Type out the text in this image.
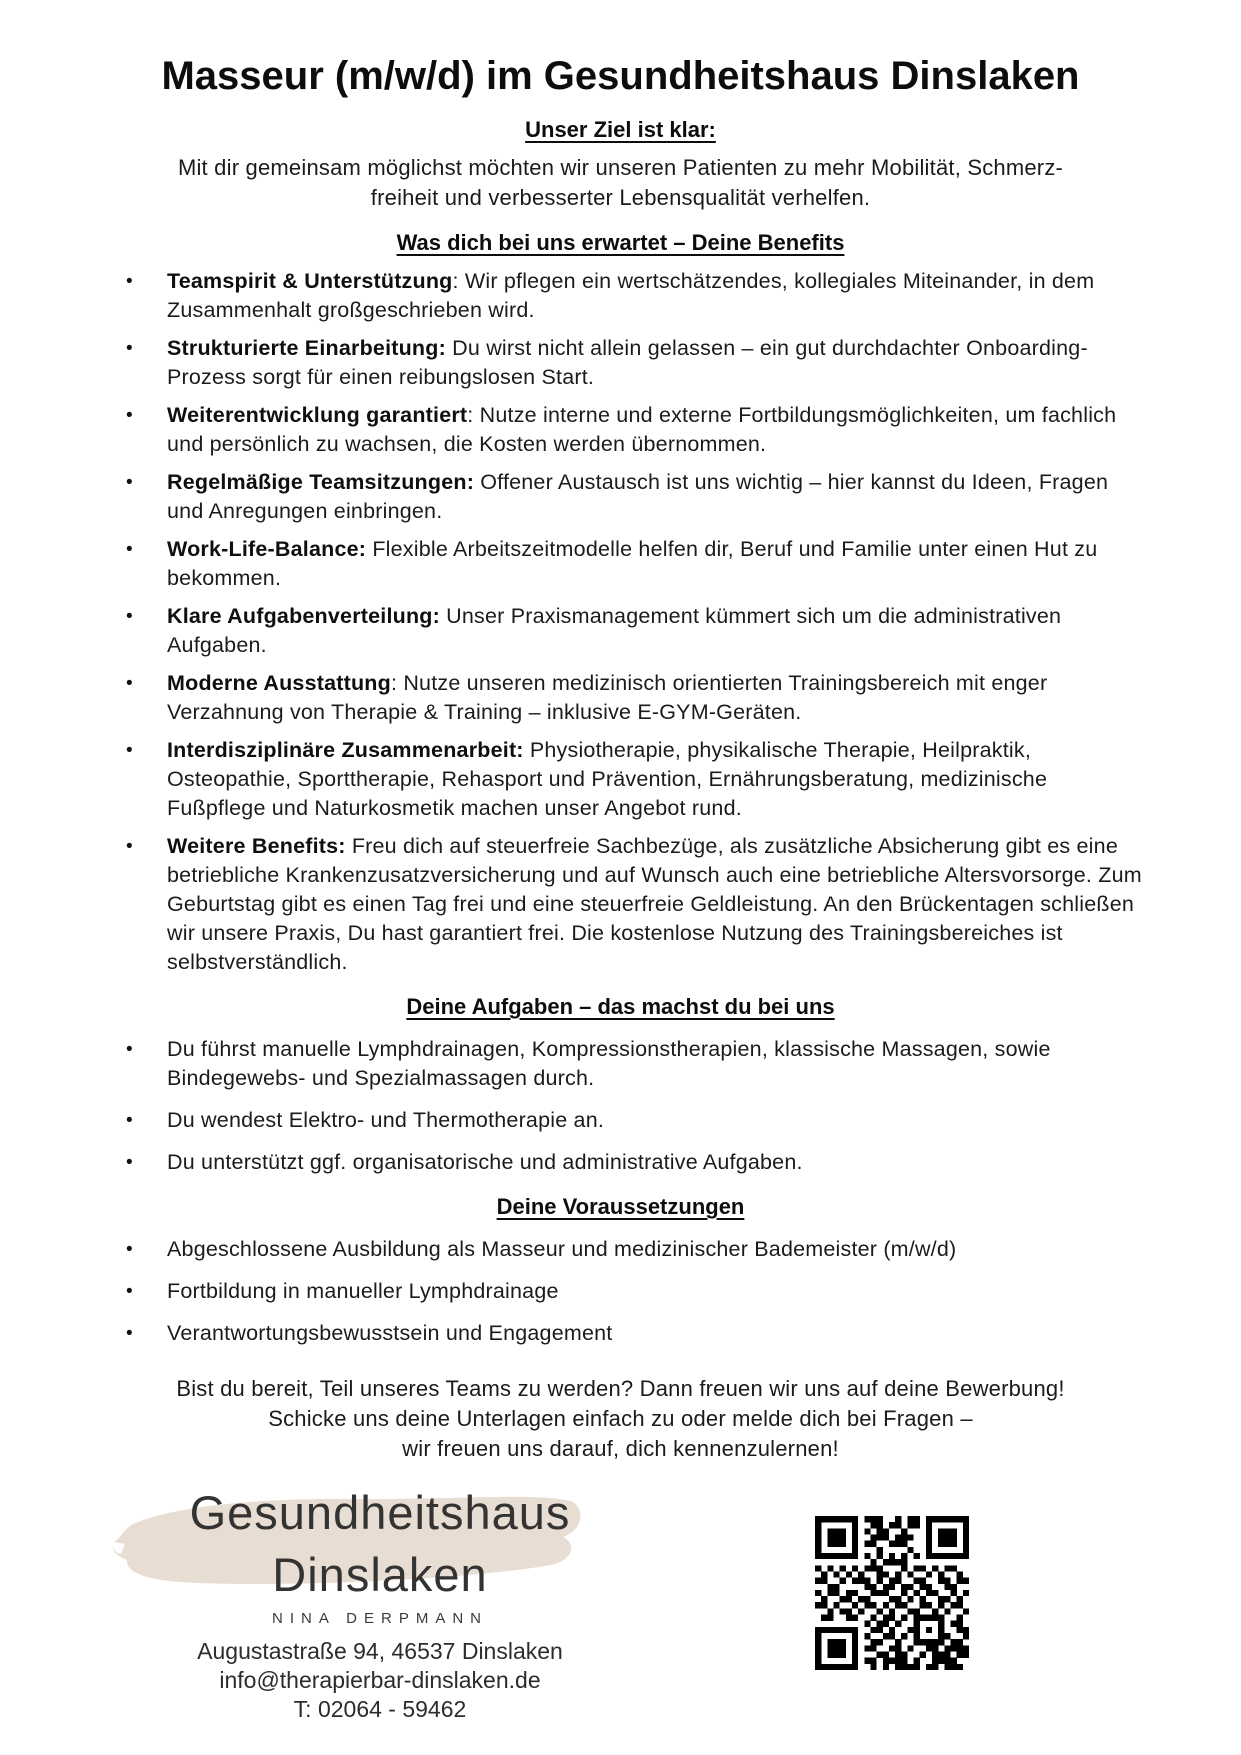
Masseur (m/w/d) im Gesundheitshaus Dinslaken
Unser Ziel ist klar:
Mit dir gemeinsam möglichst möchten wir unseren Patienten zu mehr Mobilität, Schmerz-
freiheit und verbesserter Lebensqualität verhelfen.
Was dich bei uns erwartet – Deine Benefits
•	Teamspirit & Unterstützung: Wir pflegen ein wertschätzendes, kollegiales Miteinander, in dem Zusammenhalt großgeschrieben wird.
•	Strukturierte Einarbeitung: Du wirst nicht allein gelassen – ein gut durchdachter Onboarding-Prozess sorgt für einen reibungslosen Start.
•	Weiterentwicklung garantiert: Nutze interne und externe Fortbildungsmöglichkeiten, um fachlich und persönlich zu wachsen, die Kosten werden übernommen.
•	Regelmäßige Teamsitzungen: Offener Austausch ist uns wichtig – hier kannst du Ideen, Fragen und Anregungen einbringen.
•	Work-Life-Balance: Flexible Arbeitszeitmodelle helfen dir, Beruf und Familie unter einen Hut zu bekommen.
•	Klare Aufgabenverteilung: Unser Praxismanagement kümmert sich um die administrativen Aufgaben.
•	Moderne Ausstattung: Nutze unseren medizinisch orientierten Trainingsbereich mit enger Verzahnung von Therapie & Training – inklusive E-GYM-Geräten.
•	Interdisziplinäre Zusammenarbeit: Physiotherapie, physikalische Therapie, Heilpraktik, Osteopathie, Sporttherapie, Rehasport und Prävention, Ernährungsberatung, medizinische Fußpflege und Naturkosmetik machen unser Angebot rund.
•	Weitere Benefits: Freu dich auf steuerfreie Sachbezüge, als zusätzliche Absicherung gibt es eine betriebliche Krankenzusatzversicherung und auf Wunsch auch eine betriebliche Altersvorsorge. Zum Geburtstag gibt es einen Tag frei und eine steuerfreie Geldleistung. An den Brückentagen schließen wir unsere Praxis, Du hast garantiert frei. Die kostenlose Nutzung des Trainingsbereiches ist selbstverständlich.
Deine Aufgaben – das machst du bei uns
•	Du führst manuelle Lymphdrainagen, Kompressionstherapien, klassische Massagen, sowie Bindegewebs- und Spezialmassagen durch.
•	Du wendest Elektro- und Thermotherapie an.
•	Du unterstützt ggf. organisatorische und administrative Aufgaben.
Deine Voraussetzungen
•	Abgeschlossene Ausbildung als Masseur und medizinischer Bademeister (m/w/d)
•	Fortbildung in manueller Lymphdrainage
•	Verantwortungsbewusstsein und Engagement
Bist du bereit, Teil unseres Teams zu werden? Dann freuen wir uns auf deine Bewerbung!
Schicke uns deine Unterlagen einfach zu oder melde dich bei Fragen –
wir freuen uns darauf, dich kennenzulernen!
Gesundheitshaus
Dinslaken
NINA DERPMANN
Augustastraße 94, 46537 Dinslaken
info@therapierbar-dinslaken.de
T: 02064 - 59462
